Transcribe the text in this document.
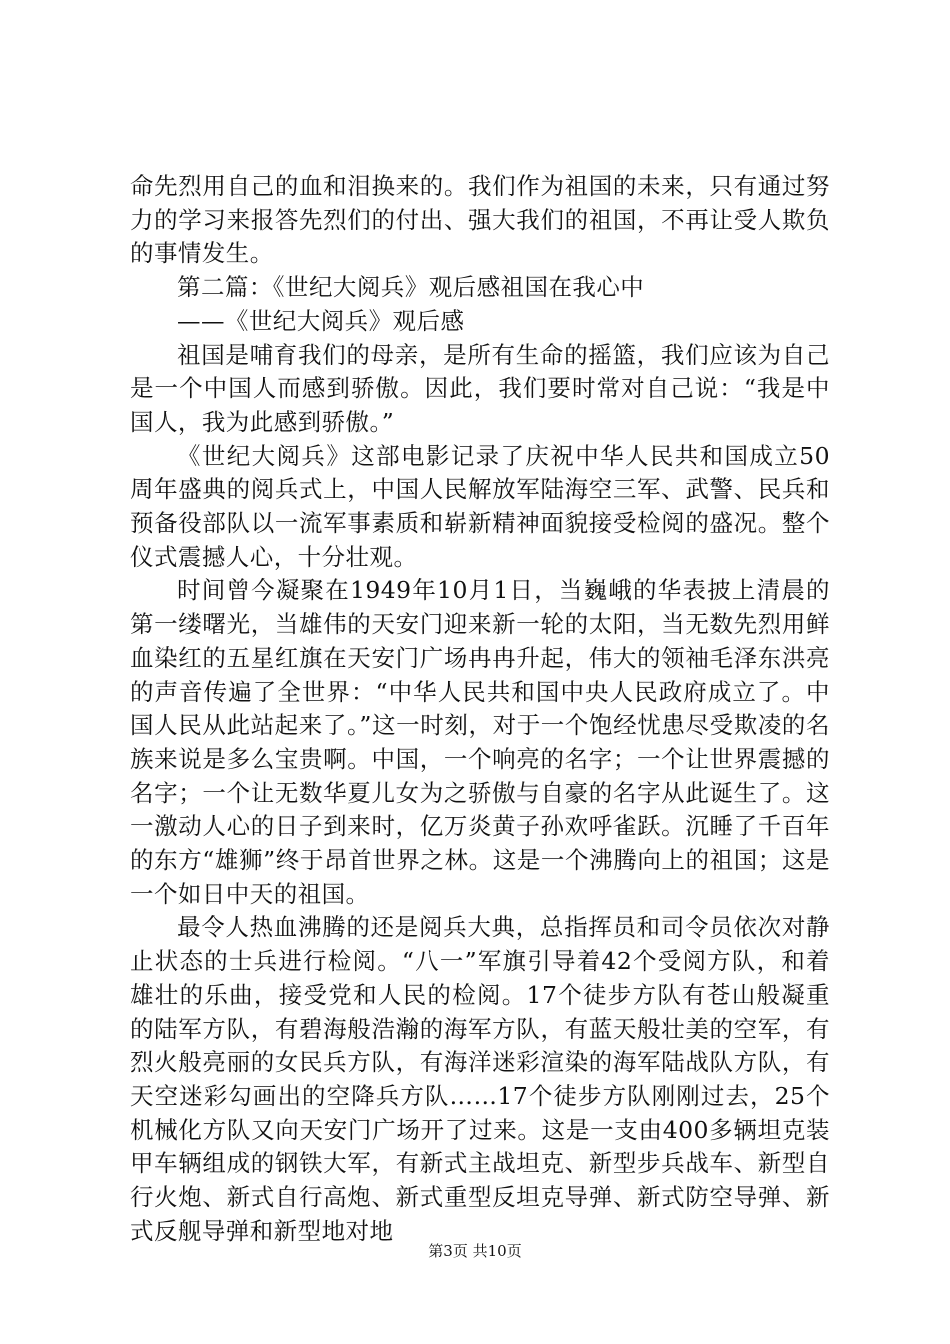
命先烈用自己的血和泪换来的。我们作为祖国的未来，只有通过努力的学习来报答先烈们的付出、强大我们的祖国，不再让受人欺负的事情发生。

第二篇：《世纪大阅兵》观后感祖国在我心中

——《世纪大阅兵》观后感

祖国是哺育我们的母亲，是所有生命的摇篮，我们应该为自己是一个中国人而感到骄傲。因此，我们要时常对自己说：“我是中国人，我为此感到骄傲。”

《世纪大阅兵》这部电影记录了庆祝中华人民共和国成立50周年盛典的阅兵式上，中国人民解放军陆海空三军、武警、民兵和预备役部队以一流军事素质和崭新精神面貌接受检阅的盛况。整个仪式震撼人心，十分壮观。

时间曾今凝聚在1949年10月1日，当巍峨的华表披上清晨的第一缕曙光，当雄伟的天安门迎来新一轮的太阳，当无数先烈用鲜血染红的五星红旗在天安门广场冉冉升起，伟大的领袖毛泽东洪亮的声音传遍了全世界：“中华人民共和国中央人民政府成立了。中国人民从此站起来了。”这一时刻，对于一个饱经忧患尽受欺凌的名族来说是多么宝贵啊。中国，一个响亮的名字；一个让世界震撼的名字；一个让无数华夏儿女为之骄傲与自豪的名字从此诞生了。这一激动人心的日子到来时，亿万炎黄子孙欢呼雀跃。沉睡了千百年的东方“雄狮”终于昂首世界之林。这是一个沸腾向上的祖国；这是一个如日中天的祖国。

最令人热血沸腾的还是阅兵大典，总指挥员和司令员依次对静止状态的士兵进行检阅。“八一”军旗引导着42个受阅方队，和着雄壮的乐曲，接受党和人民的检阅。17个徒步方队有苍山般凝重的陆军方队，有碧海般浩瀚的海军方队，有蓝天般壮美的空军，有烈火般亮丽的女民兵方队，有海洋迷彩渲染的海军陆战队方队，有天空迷彩勾画出的空降兵方队……17个徒步方队刚刚过去，25个机械化方队又向天安门广场开了过来。这是一支由400多辆坦克装甲车辆组成的钢铁大军，有新式主战坦克、新型步兵战车、新型自行火炮、新式自行高炮、新式重型反坦克导弹、新式防空导弹、新式反舰导弹和新型地对地

第3页 共10页
